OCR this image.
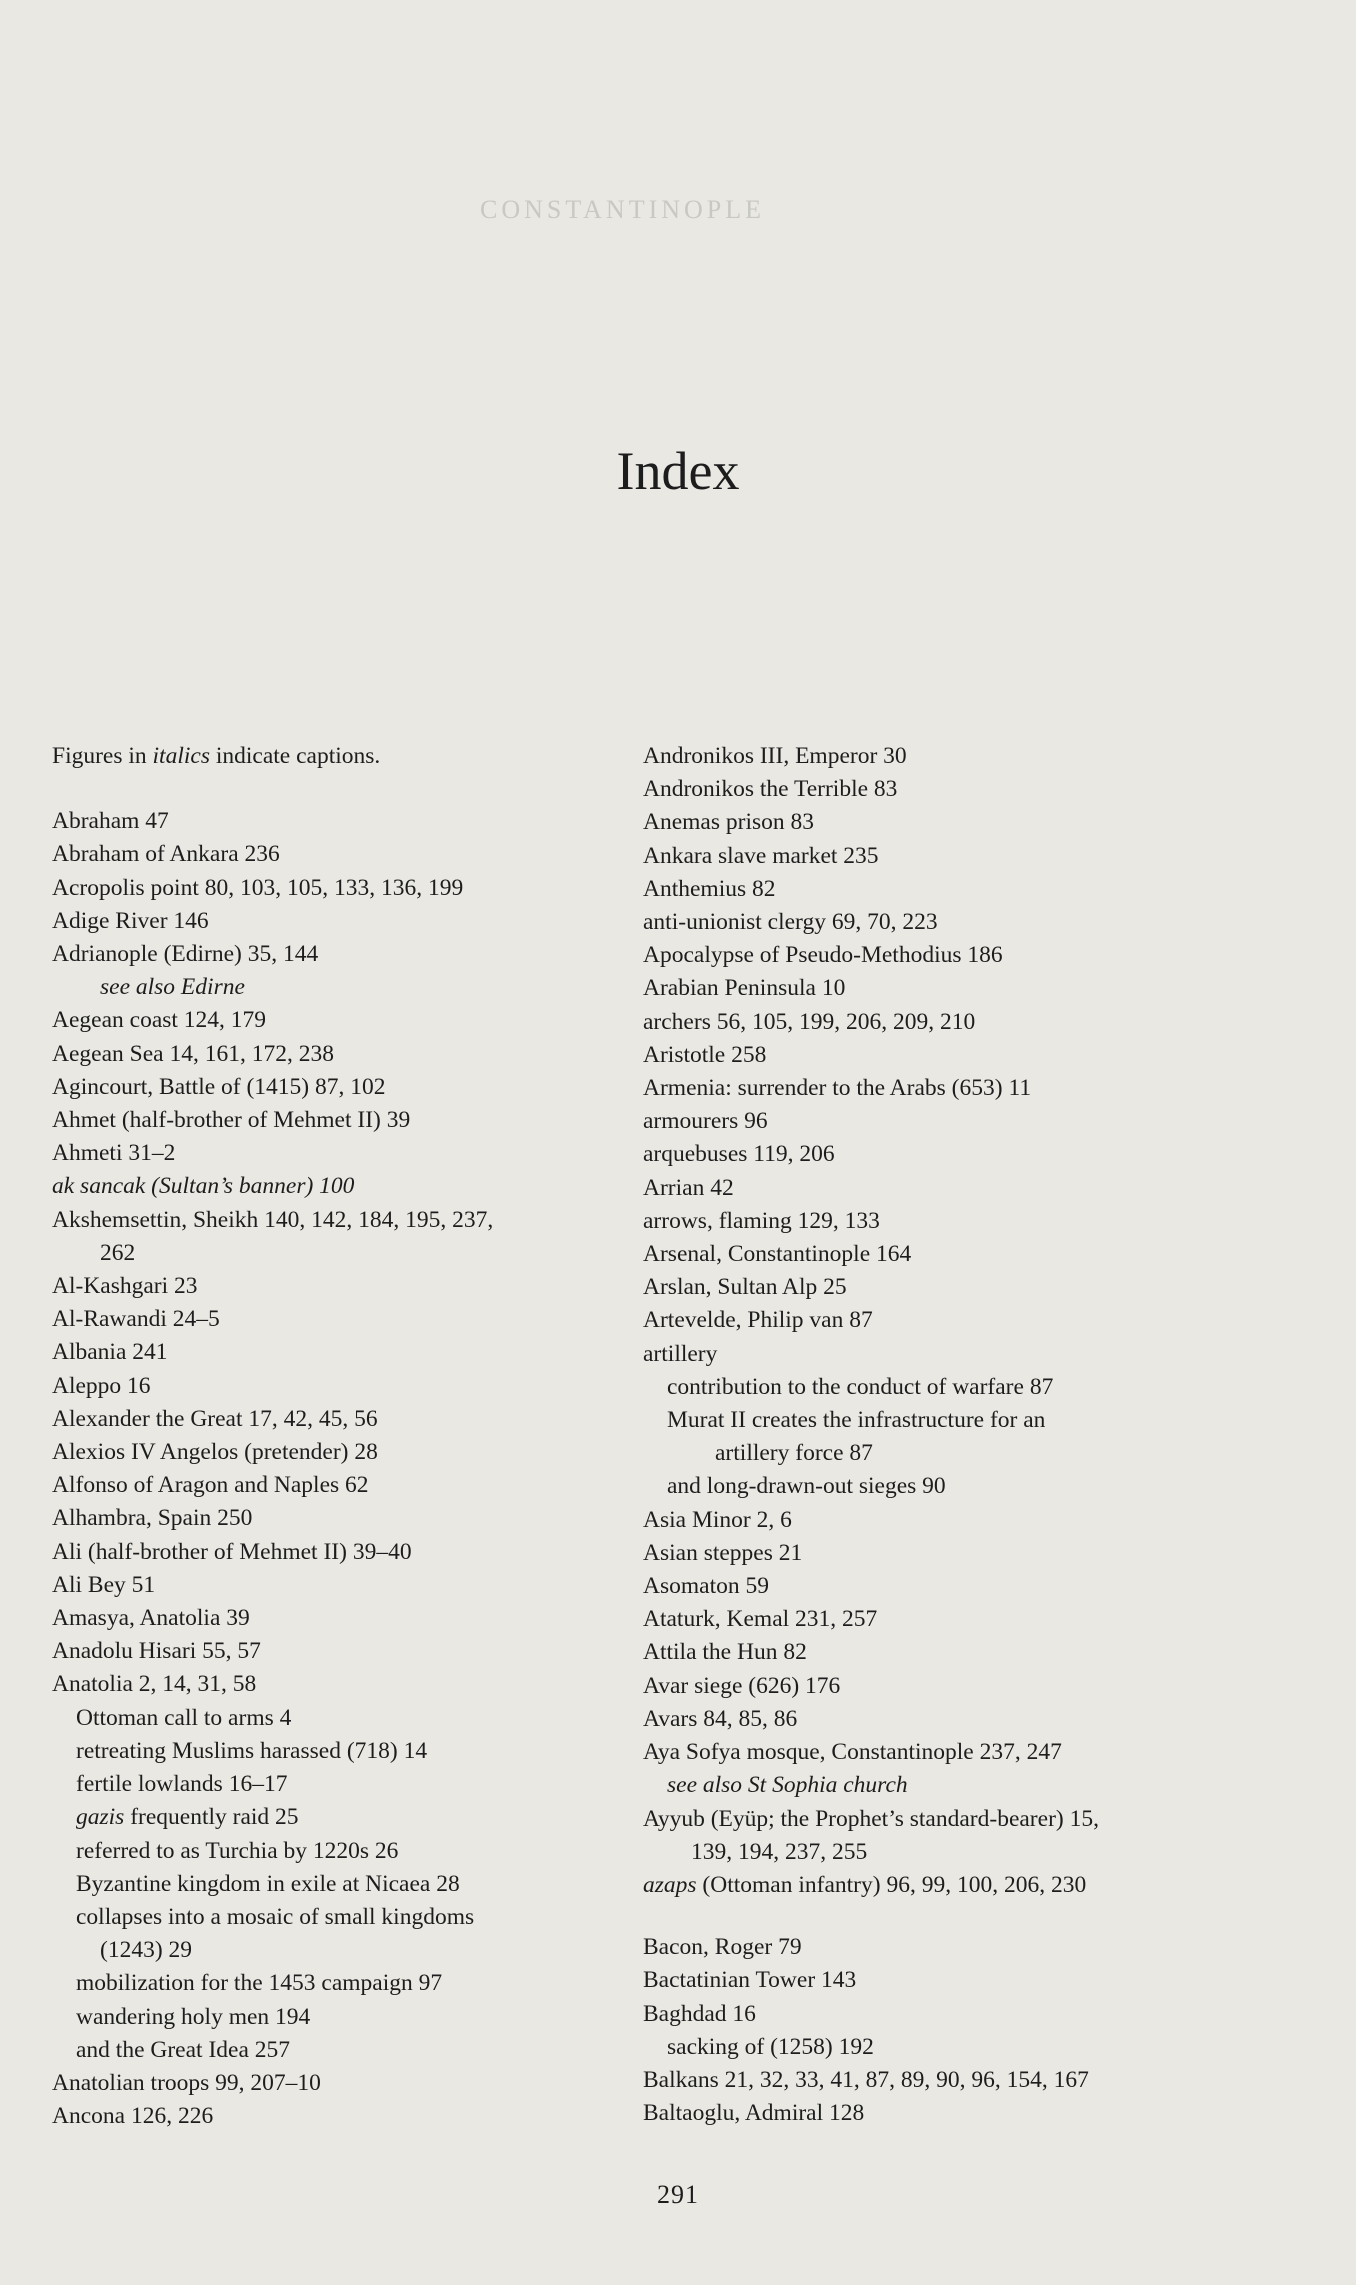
CONSTANTINOPLE
Index
Figures in italics indicate captions.
Abraham 47
Abraham of Ankara 236
Acropolis point 80, 103, 105, 133, 136, 199
Adige River 146
Adrianople (Edirne) 35, 144
see also Edirne
Aegean coast 124, 179
Aegean Sea 14, 161, 172, 238
Agincourt, Battle of (1415) 87, 102
Ahmet (half-brother of Mehmet II) 39
Ahmeti 31–2
ak sancak (Sultan’s banner) 100
Akshemsettin, Sheikh 140, 142, 184, 195, 237,
262
Al-Kashgari 23
Al-Rawandi 24–5
Albania 241
Aleppo 16
Alexander the Great 17, 42, 45, 56
Alexios IV Angelos (pretender) 28
Alfonso of Aragon and Naples 62
Alhambra, Spain 250
Ali (half-brother of Mehmet II) 39–40
Ali Bey 51
Amasya, Anatolia 39
Anadolu Hisari 55, 57
Anatolia 2, 14, 31, 58
Ottoman call to arms 4
retreating Muslims harassed (718) 14
fertile lowlands 16–17
gazis frequently raid 25
referred to as Turchia by 1220s 26
Byzantine kingdom in exile at Nicaea 28
collapses into a mosaic of small kingdoms
(1243) 29
mobilization for the 1453 campaign 97
wandering holy men 194
and the Great Idea 257
Anatolian troops 99, 207–10
Ancona 126, 226
Andronikos III, Emperor 30
Andronikos the Terrible 83
Anemas prison 83
Ankara slave market 235
Anthemius 82
anti-unionist clergy 69, 70, 223
Apocalypse of Pseudo-Methodius 186
Arabian Peninsula 10
archers 56, 105, 199, 206, 209, 210
Aristotle 258
Armenia: surrender to the Arabs (653) 11
armourers 96
arquebuses 119, 206
Arrian 42
arrows, flaming 129, 133
Arsenal, Constantinople 164
Arslan, Sultan Alp 25
Artevelde, Philip van 87
artillery
contribution to the conduct of warfare 87
Murat II creates the infrastructure for an
artillery force 87
and long-drawn-out sieges 90
Asia Minor 2, 6
Asian steppes 21
Asomaton 59
Ataturk, Kemal 231, 257
Attila the Hun 82
Avar siege (626) 176
Avars 84, 85, 86
Aya Sofya mosque, Constantinople 237, 247
see also St Sophia church
Ayyub (Eyüp; the Prophet’s standard-bearer) 15,
139, 194, 237, 255
azaps (Ottoman infantry) 96, 99, 100, 206, 230
Bacon, Roger 79
Bactatinian Tower 143
Baghdad 16
sacking of (1258) 192
Balkans 21, 32, 33, 41, 87, 89, 90, 96, 154, 167
Baltaoglu, Admiral 128
291
